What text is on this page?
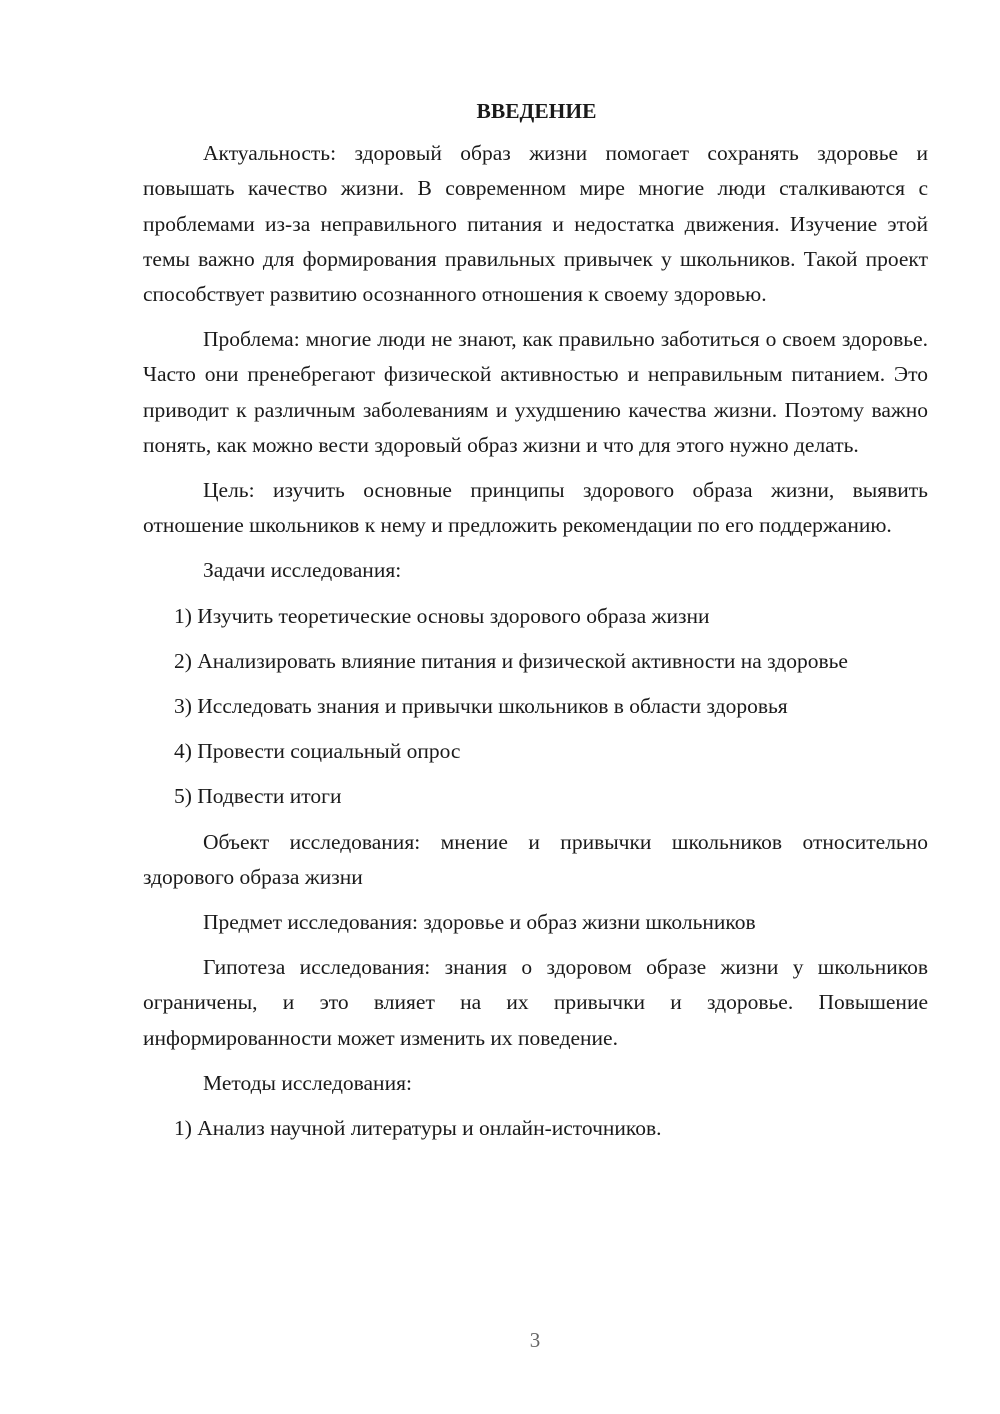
ВВЕДЕНИЕ

Актуальность: здоровый образ жизни помогает сохранять здоровье и повышать качество жизни. В современном мире многие люди сталкиваются с проблемами из-за неправильного питания и недостатка движения. Изучение этой темы важно для формирования правильных привычек у школьников. Такой проект способствует развитию осознанного отношения к своему здоровью.

Проблема: многие люди не знают, как правильно заботиться о своем здоровье. Часто они пренебрегают физической активностью и неправильным питанием. Это приводит к различным заболеваниям и ухудшению качества жизни. Поэтому важно понять, как можно вести здоровый образ жизни и что для этого нужно делать.

Цель: изучить основные принципы здорового образа жизни, выявить отношение школьников к нему и предложить рекомендации по его поддержанию.

Задачи исследования:

1) Изучить теоретические основы здорового образа жизни

2) Анализировать влияние питания и физической активности на здоровье

3) Исследовать знания и привычки школьников в области здоровья

4) Провести социальный опрос

5) Подвести итоги

Объект исследования: мнение и привычки школьников относительно здорового образа жизни

Предмет исследования: здоровье и образ жизни школьников

Гипотеза исследования: знания о здоровом образе жизни у школьников ограничены, и это влияет на их привычки и здоровье. Повышение информированности может изменить их поведение.

Методы исследования:

1) Анализ научной литературы и онлайн-источников.

3
